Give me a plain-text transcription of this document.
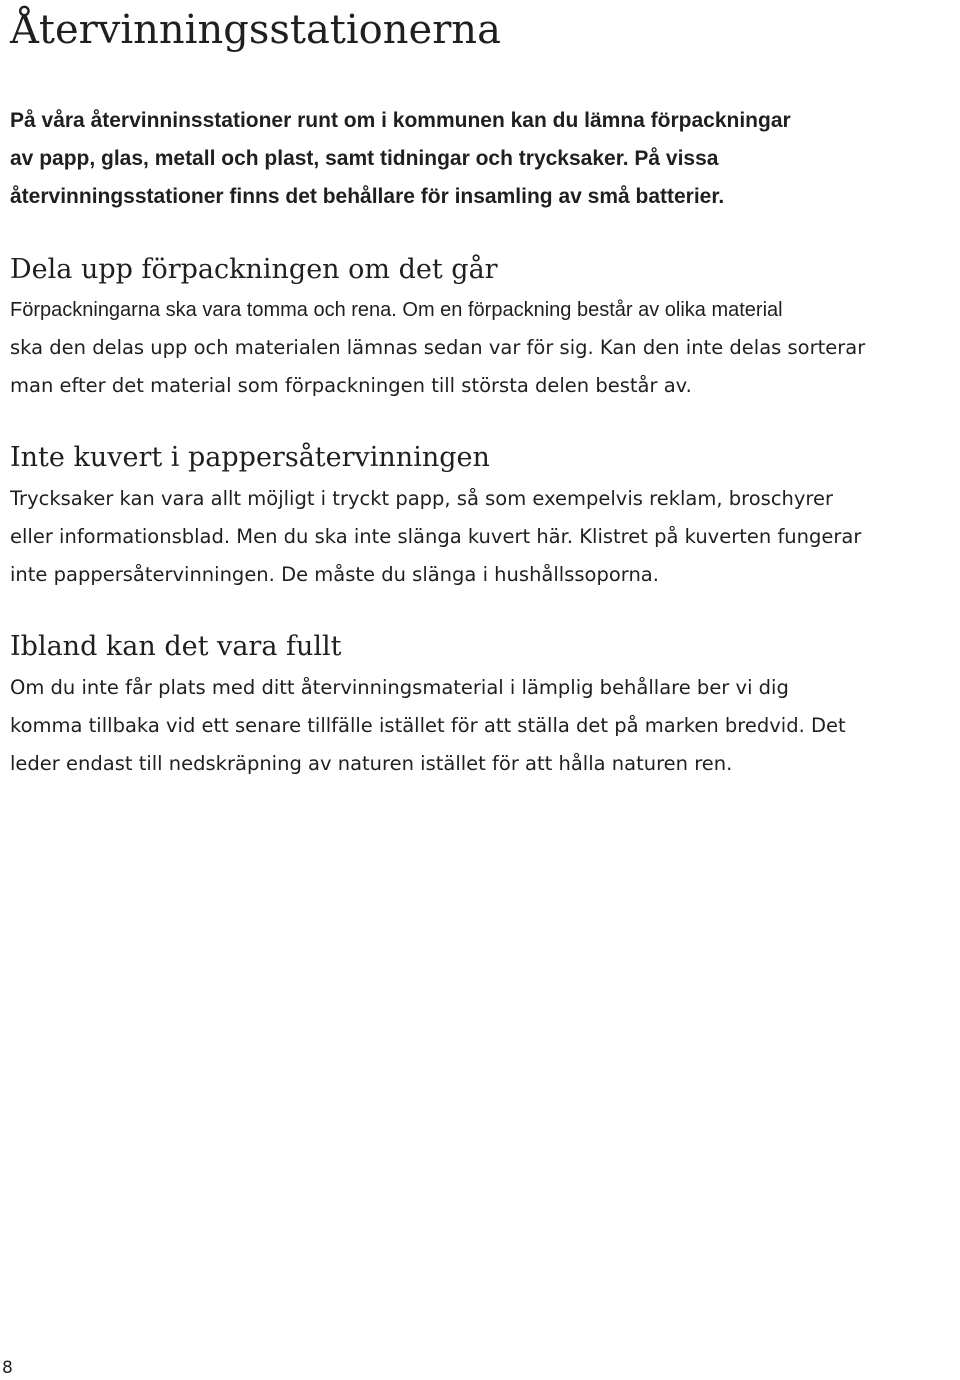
Återvinningsstationerna

På våra återvinninsstationer runt om i kommunen kan du lämna förpackningar
av papp, glas, metall och plast, samt tidningar och trycksaker. På vissa
återvinningsstationer finns det behållare för insamling av små batterier.

Dela upp förpackningen om det går

Förpackningarna ska vara tomma och rena. Om en förpackning består av olika material
ska den delas upp och materialen lämnas sedan var för sig. Kan den inte delas sorterar
man efter det material som förpackningen till största delen består av.

Inte kuvert i pappersåtervinningen

Trycksaker kan vara allt möjligt i tryckt papp, så som exempelvis reklam, broschyrer
eller informationsblad. Men du ska inte slänga kuvert här. Klistret på kuverten fungerar
inte pappersåtervinningen. De måste du slänga i hushållssoporna.

Ibland kan det vara fullt

Om du inte får plats med ditt återvinningsmaterial i lämplig behållare ber vi dig
komma tillbaka vid ett senare tillfälle istället för att ställa det på marken bredvid. Det
leder endast till nedskräpning av naturen istället för att hålla naturen ren.

8
